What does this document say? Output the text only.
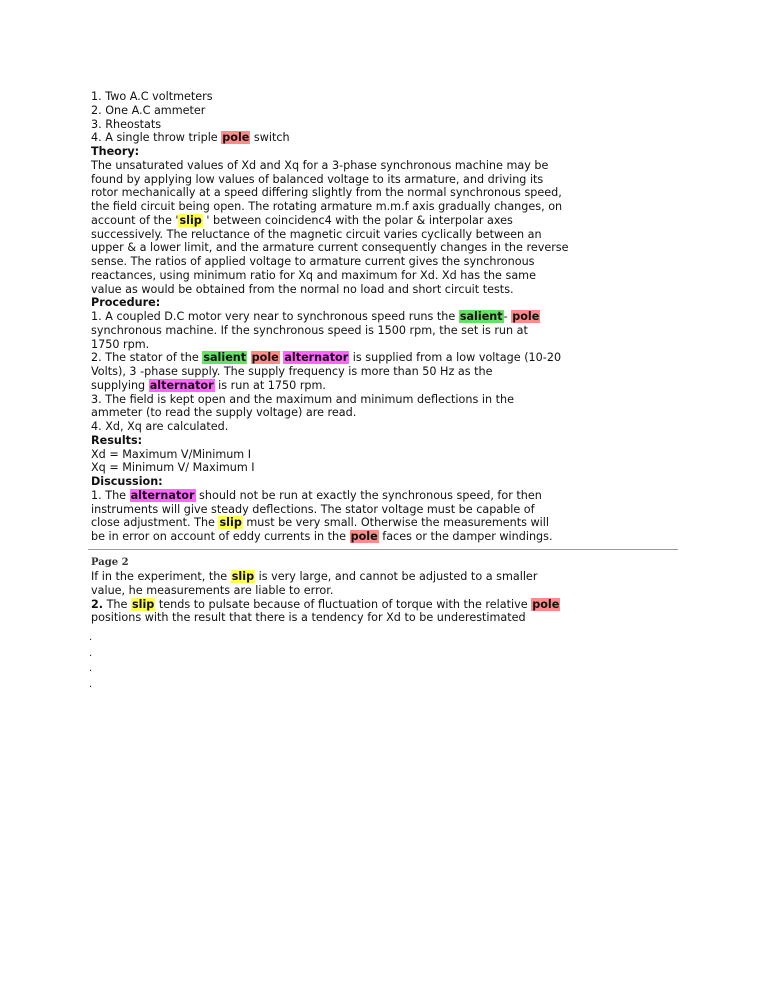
1. Two A.C voltmeters
2. One A.C ammeter
3. Rheostats
4. A single throw triple pole switch
Theory:
The unsaturated values of Xd and Xq for a 3-phase synchronous machine may be
found by applying low values of balanced voltage to its armature, and driving its
rotor mechanically at a speed differing slightly from the normal synchronous speed,
the field circuit being open. The rotating armature m.m.f axis gradually changes, on
account of the 'slip ' between coincidenc4 with the polar & interpolar axes
successively. The reluctance of the magnetic circuit varies cyclically between an
upper & a lower limit, and the armature current consequently changes in the reverse
sense. The ratios of applied voltage to armature current gives the synchronous
reactances, using minimum ratio for Xq and maximum for Xd. Xd has the same
value as would be obtained from the normal no load and short circuit tests.
Procedure:
1. A coupled D.C motor very near to synchronous speed runs the salient- pole
synchronous machine. If the synchronous speed is 1500 rpm, the set is run at
1750 rpm.
2. The stator of the salient pole alternator is supplied from a low voltage (10-20
Volts), 3 -phase supply. The supply frequency is more than 50 Hz as the
supplying alternator is run at 1750 rpm.
3. The field is kept open and the maximum and minimum deflections in the
ammeter (to read the supply voltage) are read.
4. Xd, Xq are calculated.
Results:
Xd = Maximum V/Minimum I
Xq = Minimum V/ Maximum I
Discussion:
1. The alternator should not be run at exactly the synchronous speed, for then
instruments will give steady deflections. The stator voltage must be capable of
close adjustment. The slip must be very small. Otherwise the measurements will
be in error on account of eddy currents in the pole faces or the damper windings.
Page 2
If in the experiment, the slip is very large, and cannot be adjusted to a smaller
value, he measurements are liable to error.
2. The slip tends to pulsate because of fluctuation of torque with the relative pole
positions with the result that there is a tendency for Xd to be underestimated
.
.
.
.
